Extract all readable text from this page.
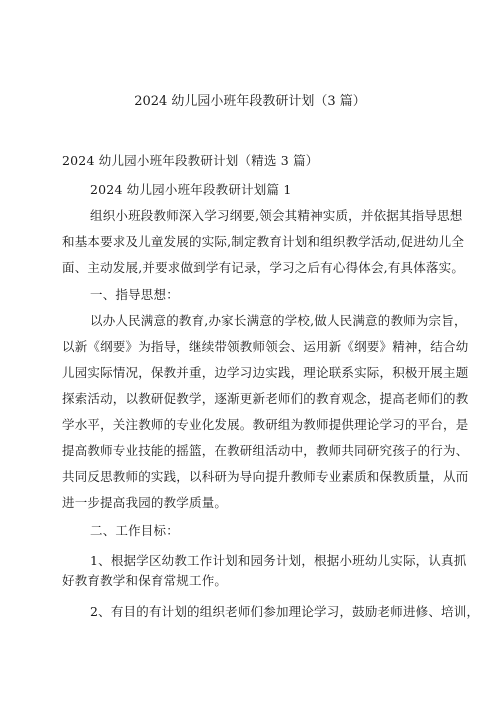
2024 幼儿园小班年段教研计划（3 篇）
2024 幼儿园小班年段教研计划（精选 3 篇）
2024 幼儿园小班年段教研计划篇 1
组织小班段教师深入学习纲要,领会其精神实质，并依据其指导思想
和基本要求及儿童发展的实际,制定教育计划和组织教学活动,促进幼儿全
面、主动发展,并要求做到学有记录，学习之后有心得体会,有具体落实。
一、指导思想：
以办人民满意的教育,办家长满意的学校,做人民满意的教师为宗旨，
以新《纲要》为指导，继续带领教师领会、运用新《纲要》精神，结合幼
儿园实际情况，保教并重，边学习边实践，理论联系实际，积极开展主题
探索活动，以教研促教学，逐渐更新老师们的教育观念，提高老师们的教
学水平，关注教师的专业化发展。教研组为教师提供理论学习的平台，是
提高教师专业技能的摇篮，在教研组活动中，教师共同研究孩子的行为、
共同反思教师的实践，以科研为导向提升教师专业素质和保教质量，从而
进一步提高我园的教学质量。
二、工作目标：
1、根据学区幼教工作计划和园务计划，根据小班幼儿实际，认真抓
好教育教学和保育常规工作。
2、有目的有计划的组织老师们参加理论学习，鼓励老师进修、培训，
